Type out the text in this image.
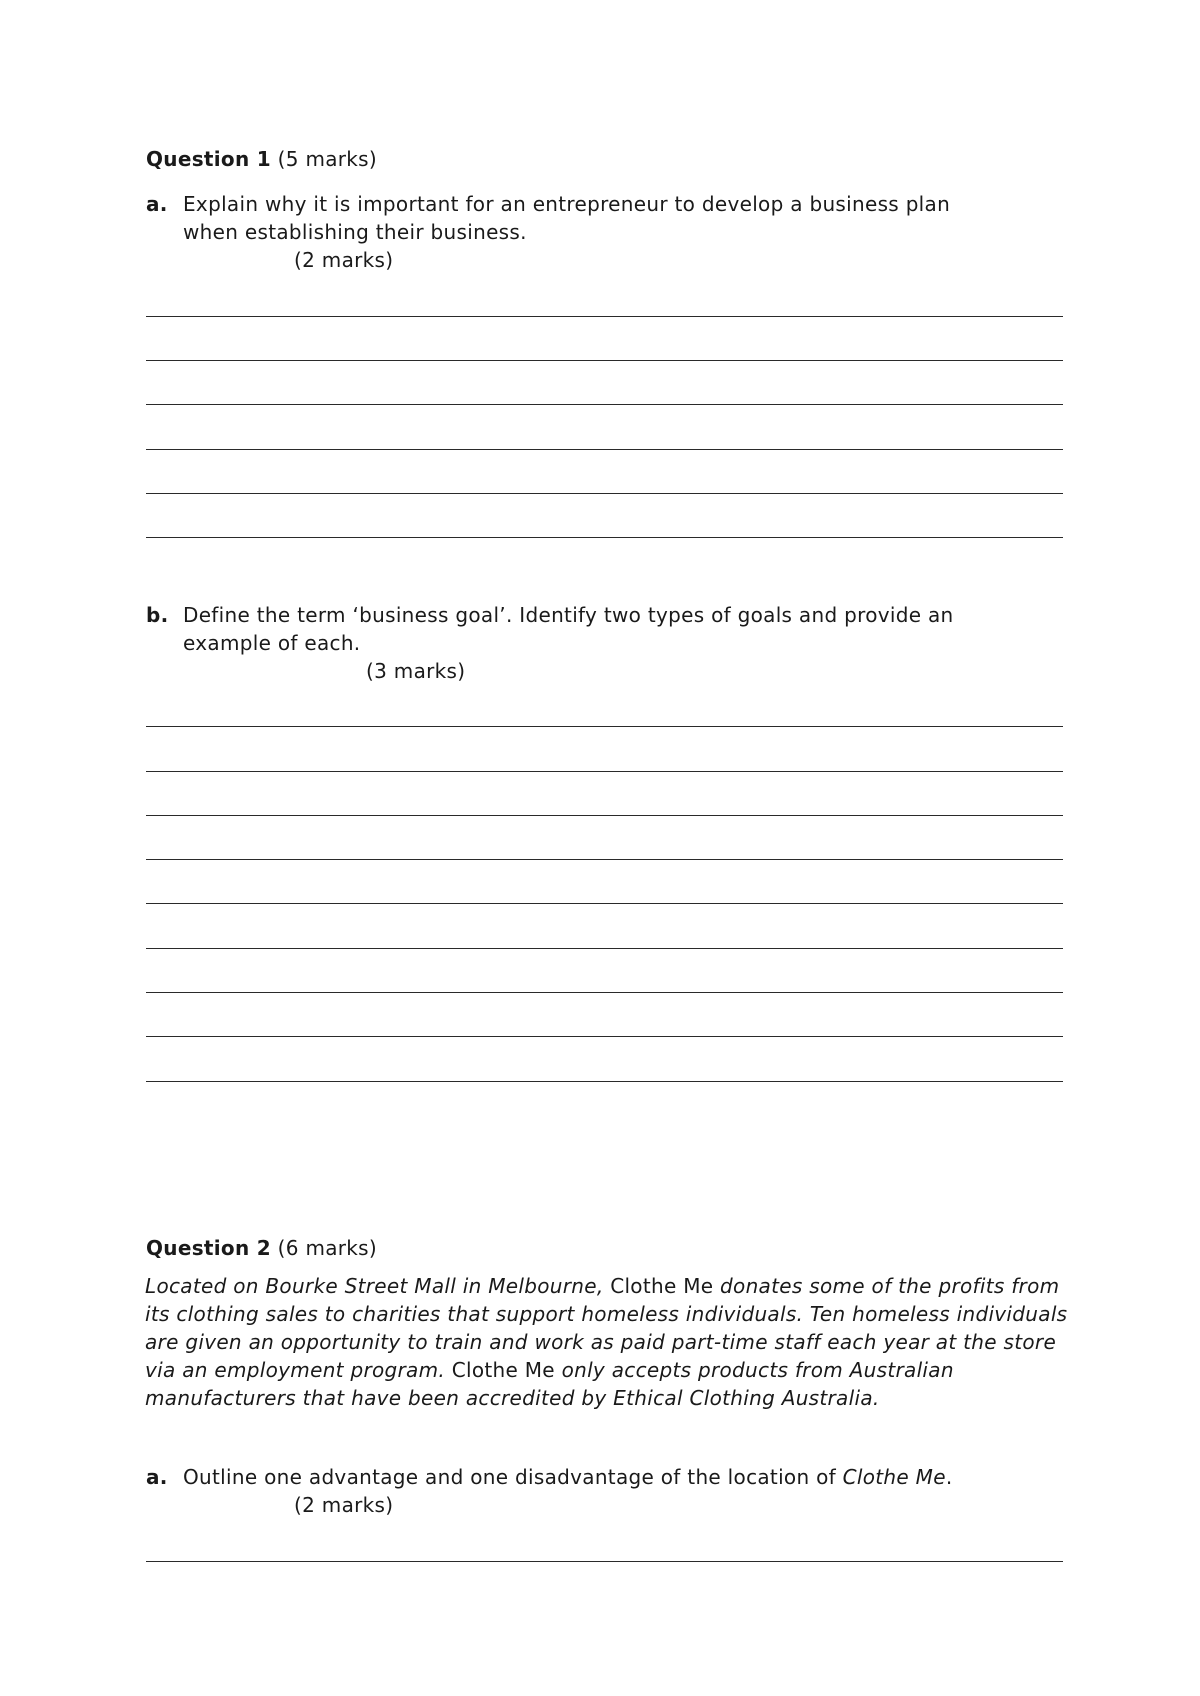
Question 1 (5 marks)
a. Explain why it is important for an entrepreneur to develop a business plan
when establishing their business.
(2 marks)
b. Define the term ‘business goal’. Identify two types of goals and provide an
example of each.
(3 marks)
Question 2 (6 marks)
Located on Bourke Street Mall in Melbourne, Clothe Me donates some of the profits from its clothing sales to charities that support homeless individuals. Ten homeless individuals are given an opportunity to train and work as paid part-time staff each year at the store via an employment program. Clothe Me only accepts products from Australian manufacturers that have been accredited by Ethical Clothing Australia.
a. Outline one advantage and one disadvantage of the location of Clothe Me.
(2 marks)
